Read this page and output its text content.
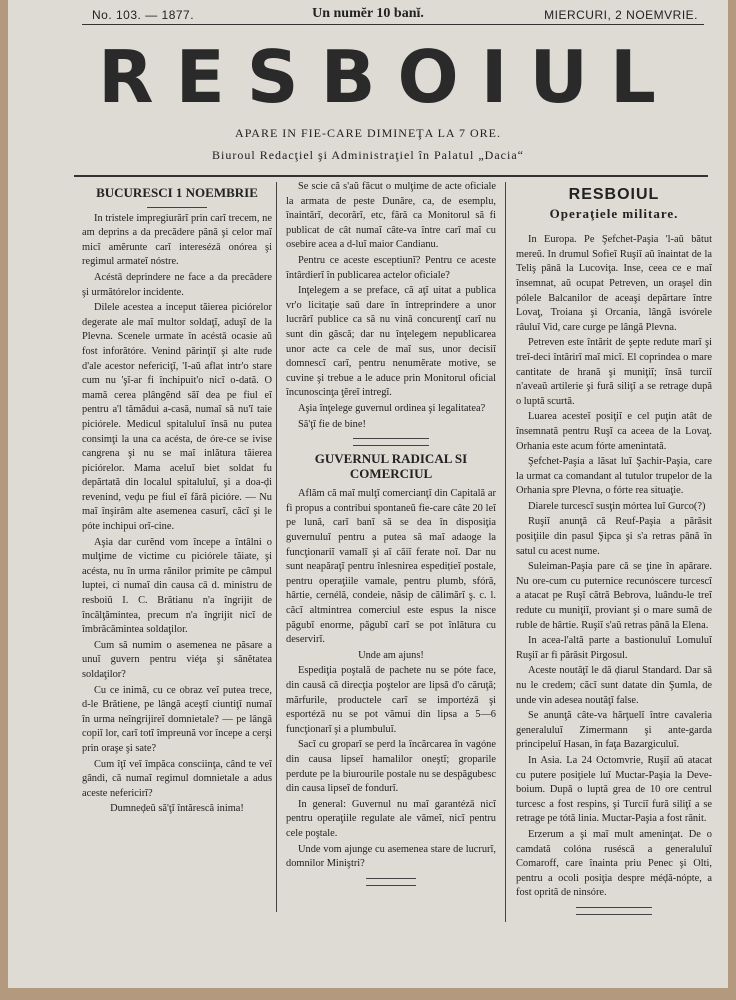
No. 103. — 1877.	Un numĕr 10 banĭ.	MIERCURI, 2 NOEMVRIE.
RESBOIUL
APARE IN FIE-CARE DIMINEŢA LA 7 ORE.
Biuroul Redacţiel şi Administraţiel în Palatul „Dacia“
BUCURESCI 1 NOEMBRIE

In tristele impregiurărĭ prin carĭ trecem, ne am deprins a da precădere pănă şi celor maĭ micĭ amĕrunte carĭ interesézā onórea şi regimul armateĭ nóstre.

Acéstā deprindere ne face a da precădere şi următórelor incidente.

Dilele acestea a inceput tăierea piciórelor degerate ale maĭ multor soldaţĭ, aduşĭ de la Plevna. Scenele urmate în acéstā ocasie aŭ fost inforătóre. Venind părinţiĭ şi alte rude d'ale acestor nefericiţĭ, 'I-aŭ aflat intr'o stare cum nu 'şĭ-ar fi închipuit'o nicĭ o-dată. O mamă cerea plângĕnd săĭ dea pe fiul eĭ pentru a'l tămădui a-casă, numaĭ să nu'ĭ taie piciórele. Medicul spitaluluĭ însă nu putea consimţi la una ca acésta, de óre-ce se ivise cangrena şi nu se maĭ inlătura tăierea piciórelor. Mama aceluĭ biet soldat fu depărtată din localul spitaluluĭ, şi a doa-ḑi revenind, veḑu pe fiul eĭ fără picióre. — Nu maĭ înşirăm alte asemenea casurĭ, căcĭ şi le póte inchipui orĭ-cine.

Aşia dar curĕnd vom începe a întâlni o mulţime de victime cu piciórele tăiate, şi acésta, nu în urma rănilor primite pe câmpul luptei, ci numaĭ din causa cā d. ministru de resboiŭ I. C. Brătianu n'a îngrijit de încălţămintea, precum n'a îngrijit nicĭ de îmbrăcămintea soldaţilor.

Cum să numim o asemenea ne păsare a unuĭ guvern pentru viéţa şi sănĕtatea soldaţilor?

Cu ce inimă, cu ce obraz veĭ putea trece, d-le Brătiene, pe lângă aceştĭ ciuntiţĭ numaĭ în urma neîngrijireĭ domnietale? — pe lângă copiĭ lor, carĭ totĭ împreună vor începe a cerşi prin oraşe şi sate?

Cum îţĭ veĭ împăca consciinţa, când te veĭ gândi, că numaĭ regimul domnietale a adus aceste nefericirĭ?

Dumneḑeŭ să'ţĭ întărescă inima!

Se scie că s'aŭ făcut o mulţime de acte oficiale la armata de peste Dunăre, ca, de esemplu, înaintărĭ, decorărĭ, etc, fără ca Monitorul să fi publicat de cât numaĭ câte-va între carĭ maĭ cu osebire acea a d-luĭ maior Candianu.

Pentru ce aceste esceptiunĭ? Pentru ce aceste întârdierĭ în publicarea actelor oficiale?

Inţelegem a se preface, că aţĭ uitat a publica vr'o licitaţie saŭ dare în întreprindere a unor lucrărĭ publice ca să nu vină concurenţĭ carĭ nu sunt din găscă; dar nu înţelegem nepublicarea unor acte ca cele de maĭ sus, unor decisiĭ domnescĭ carĭ, pentru nenumĕrate motive, se cuvine şi trebue a le aduce prin Monitorul oficial încunoscinţa ţĕreĭ intregĭ.

Aşia înţelege guvernul ordinea şi legalitatea?

Să'ţĭ fie de bine!

GUVERNUL RADICAL SI COMERCIUL

Aflăm că maĭ mulţĭ comercianţĭ din Capitală ar fi propus a contribui spontaneŭ fie-care câte 20 leĭ pe lună, carĭ banĭ să se dea în disposiţia guvernuluĭ pentru a putea să maĭ adaoge la funcţionariĭ vamalĭ şi aĭ căiĭ ferate noĭ. Dar nu sunt neapăraţĭ pentru înlesnirea espedițieĭ postale, pentru operaţiile vamale, pentru plumb, sfóră, hârtie, cernélă, condeie, năsip de călimărĭ ş. c. l. căcĭ altmintrea comerciul este espus la nisce păgubĭ enorme, păgubĭ carĭ se pot înlătura cu deservirĭ.

Unde am ajuns!

Espediţia poştală de pachete nu se póte face, din causă că direcţia poştelor are lipsă d'o căruţă; mărfurile, productele carĭ se importézā şi esportézā nu se pot vămui din lipsa a 5—6 funcţionarĭ şi a plumbuluĭ.

Sacĭ cu groparĭ se perd la încărcarea în vagóne din causa lipseĭ hamalilor oneştĭ; groparile perdute pe la biurourile postale nu se despăgubesc din causa lipseĭ de fondurĭ.

In general: Guvernul nu maĭ garantézā nicĭ pentru operaţiile regulate ale vămeĭ, nicĭ pentru cele poştale.

Unde vom ajunge cu asemenea stare de lucrurĭ, domnilor Miniştri?

RESBOIUL
Operaţiele militare.

In Europa. Pe Şefchet-Paşia 'l-aŭ bătut mereŭ. In drumul Sofieĭ Ruşiĭ aŭ înaintat de la Teliş până la Lucoviţa. Inse, ceea ce e maĭ însemnat, aŭ ocupat Petreven, un oraşel din pólele Balcanilor de aceaşi depărtare între Lovaţ, Troiana şi Orcania, lângă isvórele râuluĭ Vid, care curge pe lângă Plevna.

Petreven este întărit de şepte redute marĭ şi treĭ-deci întărirĭ maĭ micĭ. El coprindea o mare cantitate de hrană şi muniţiĭ; însă turciĭ n'aveaŭ artilerie şi fură siliţĭ a se retrage după o luptă scurtă.

Luarea acesteĭ posiţiĭ e cel puţin atât de însemnată pentru Ruşĭ ca aceea de la Lovaţ. Orhania este acum fórte amenintată.

Şefchet-Paşia a lăsat luĭ Şachir-Paşia, care la urmat ca comandant al tutulor trupelor de la Orhania spre Plevna, o fórte rea situaţie.

Diarele turcescĭ susţin mórtea luĭ Gurco(?)

Ruşiĭ anunţă că Reuf-Paşia a părăsit posiţiile din pasul Şipca şi s'a retras până în satul cu acest nume.

Suleiman-Paşia pare că se ţine în apărare. Nu ore-cum cu puternice recunóscere turcescĭ a atacat pe Ruşĭ cătră Bebrova, luându-le treĭ redute cu muniţiĭ, proviant şi o mare sumă de ruble de hârtie. Ruşiĭ s'aŭ retras până la Elena.

In acea-l'altă parte a bastionuluĭ Lomuluĭ Ruşiĭ ar fi părăsit Pirgosul.

Aceste noutăţĭ le dă ḑiarul Standard. Dar să nu le credem; căcĭ sunt datate din Şumla, de unde vin adesea noutăţĭ false.

Se anunţă câte-va hărţuelĭ între cavaleria generaluluĭ Zimermann şi ante-garda principeluĭ Hasan, în faţa Bazargiculuĭ.

In Asia. La 24 Octomvrie, Ruşiĭ aŭ atacat cu putere posiţiele luĭ Muctar-Paşia la Deve-boium. După o luptă grea de 10 ore centrul turcesc a fost respins, şi Turciĭ fură siliţĭ a se retrage pe tótă linia. Muctar-Paşia a fost rănit.

Erzerum a şi maĭ mult ameninţat. De o camdată colóna ruséscă a generaluluĭ Comaroff, care înainta priu Penec şi Olti, pentru a ocoli posiţia despre méḑă-nópte, a fost oprită de ninsóre.
